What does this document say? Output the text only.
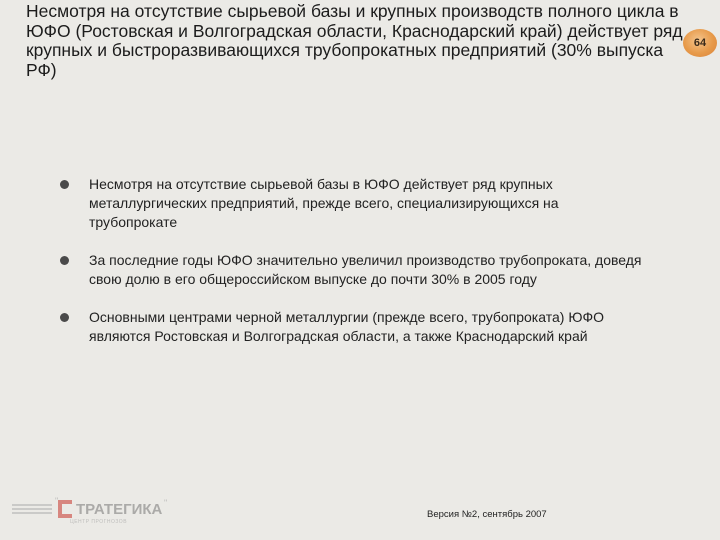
Несмотря на отсутствие сырьевой базы и крупных производств полного цикла в ЮФО (Ростовская и Волгоградская области, Краснодарский край) действует ряд крупных и быстроразвивающихся трубопрокатных предприятий (30% выпуска РФ)
64
Несмотря на отсутствие сырьевой базы в ЮФО действует ряд крупных металлургических предприятий, прежде всего, специализирующихся на трубопрокате
За последние годы ЮФО значительно увеличил производство трубопроката, доведя свою долю в его общероссийском выпуске до почти 30% в 2005 году
Основными центрами черной металлургии (прежде всего, трубопроката) ЮФО являются Ростовская и Волгоградская области, а также Краснодарский край
" ТРАТЕГИКА "
ЦЕНТР ПРОГНОЗОВ
Версия №2, сентябрь 2007
